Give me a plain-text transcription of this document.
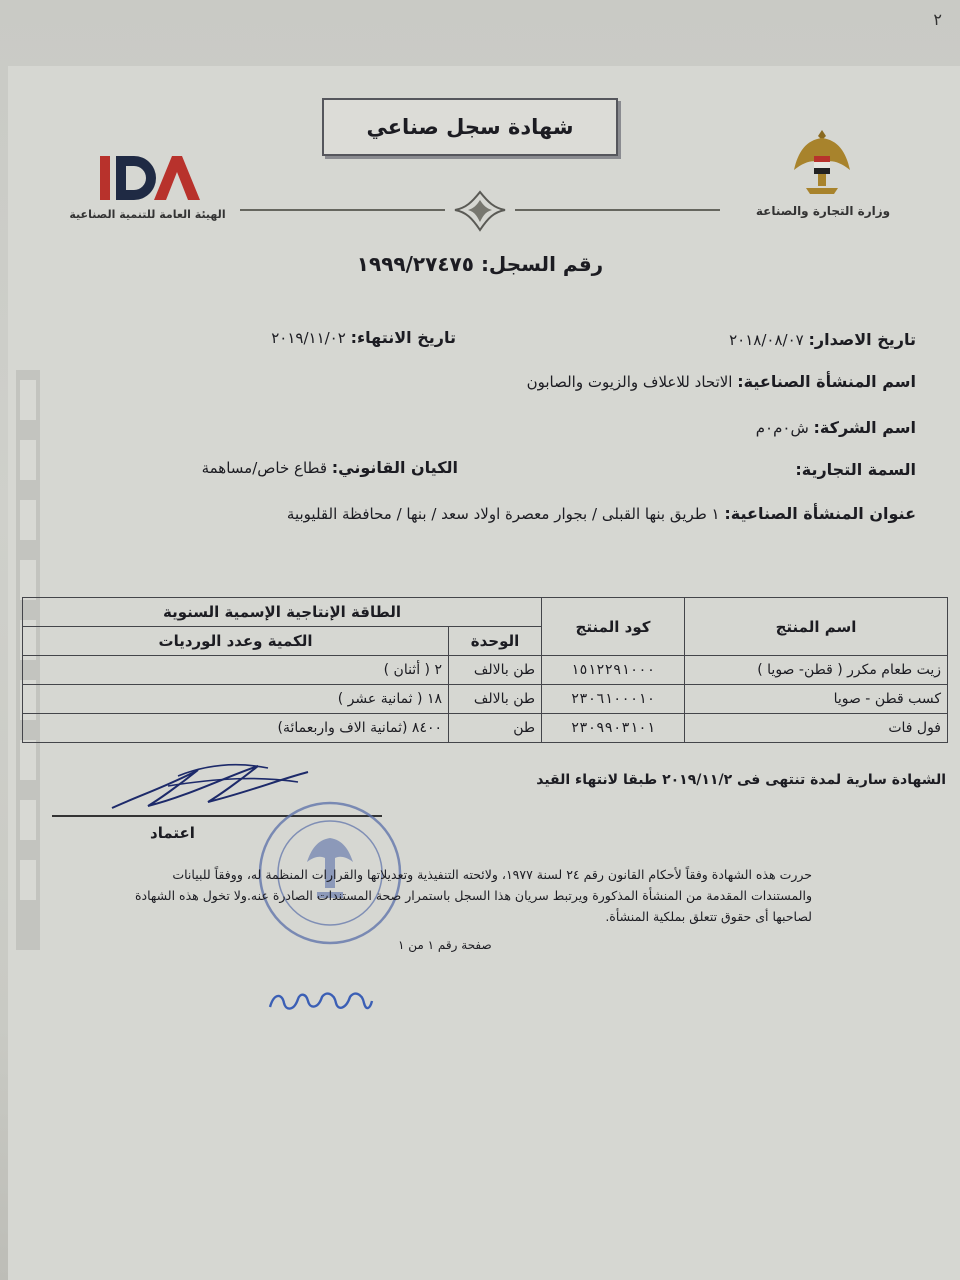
٢
شهادة سجل صناعي
الهيئة العامة للتنمية الصناعية	وزارة التجارة والصناعة
رقم السجل: ١٩٩٩/٢٧٤٧٥
تاريخ الاصدار: ٢٠١٨/٠٨/٠٧
تاريخ الانتهاء: ٢٠١٩/١١/٠٢
اسم المنشأة الصناعية: الاتحاد للاعلاف والزيوت والصابون
اسم الشركة: ش٠م٠م
السمة التجارية:
الكيان القانوني: قطاع خاص/مساهمة
عنوان المنشأة الصناعية: ١ طريق بنها القبلى / بجوار معصرة اولاد سعد / بنها / محافظة القليوبية
اسم المنتج	كود المنتج	الطاقة الإنتاجية الإسمية السنوية	
		الوحدة	الكمية وعدد الورديات
زيت طعام مكرر ( قطن- صويا )	١٥١٢٢٩١٠٠٠	طن بالالف	٢ ( أثنان )
كسب قطن - صويا	٢٣٠٦١٠٠٠١٠	طن بالالف	١٨ ( ثمانية عشر )
فول فات	٢٣٠٩٩٠٣١٠١	طن	٨٤٠٠ (ثمانية الاف واربعمائة)
الشهادة سارية لمدة تنتهى فى ٢٠١٩/١١/٢ طبقا لانتهاء القيد
اعتماد
حررت هذه الشهادة وفقاً لأحكام القانون رقم ٢٤ لسنة ١٩٧٧، ولائحته التنفيذية وتعديلاتها والقرارات المنظمة له، ووفقاً للبيانات والمستندات المقدمة من المنشأة المذكورة ويرتبط سريان هذا السجل باستمرار صحة المستندات الصادرة عنه.ولا تخول هذه الشهادة لصاحبها أى حقوق تتعلق بملكية المنشأة.
صفحة رقم ١ من ١
